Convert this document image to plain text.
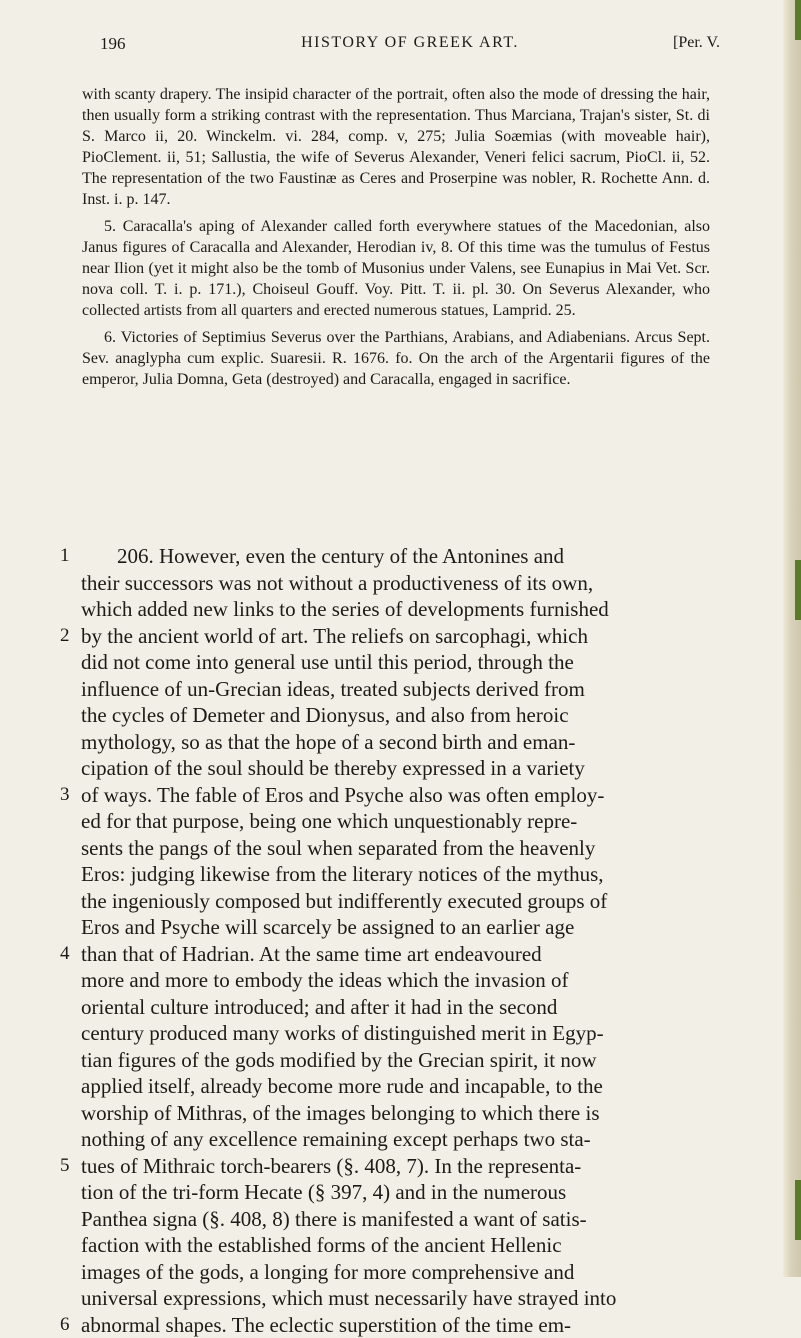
196	HISTORY OF GREEK ART.	[Per. V.

with scanty drapery. The insipid character of the portrait, often also the mode of dressing the hair, then usually form a striking contrast with the representation. Thus Marciana, Trajan's sister, St. di S. Marco ii, 20. Winckelm. vi. 284, comp. v, 275; Julia Soæmias (with moveable hair), PioClement. ii, 51; Sallustia, the wife of Severus Alexander, Veneri felici sacrum, PioCl. ii, 52. The representation of the two Faustinæ as Ceres and Proserpine was nobler, R. Rochette Ann. d. Inst. i. p. 147.

5. Caracalla's aping of Alexander called forth everywhere statues of the Macedonian, also Janus figures of Caracalla and Alexander, Herodian iv, 8. Of this time was the tumulus of Festus near Ilion (yet it might also be the tomb of Musonius under Valens, see Eunapius in Mai Vet. Scr. nova coll. T. i. p. 171.), Choiseul Gouff. Voy. Pitt. T. ii. pl. 30. On Severus Alexander, who collected artists from all quarters and erected numerous statues, Lamprid. 25.

6. Victories of Septimius Severus over the Parthians, Arabians, and Adiabenians. Arcus Sept. Sev. anaglypha cum explic. Suaresii. R. 1676. fo. On the arch of the Argentarii figures of the emperor, Julia Domna, Geta (destroyed) and Caracalla, engaged in sacrifice.

1	206. However, even the century of the Antonines and
their successors was not without a productiveness of its own,
which added new links to the series of developments furnished
2 by the ancient world of art. The reliefs on sarcophagi, which
did not come into general use until this period, through the
influence of un-Grecian ideas, treated subjects derived from
the cycles of Demeter and Dionysus, and also from heroic
mythology, so as that the hope of a second birth and eman-
cipation of the soul should be thereby expressed in a variety
3 of ways. The fable of Eros and Psyche also was often employ-
ed for that purpose, being one which unquestionably repre-
sents the pangs of the soul when separated from the heavenly
Eros: judging likewise from the literary notices of the mythus,
the ingeniously composed but indifferently executed groups of
Eros and Psyche will scarcely be assigned to an earlier age
4 than that of Hadrian. At the same time art endeavoured
more and more to embody the ideas which the invasion of
oriental culture introduced; and after it had in the second
century produced many works of distinguished merit in Egyp-
tian figures of the gods modified by the Grecian spirit, it now
applied itself, already become more rude and incapable, to the
worship of Mithras, of the images belonging to which there is
nothing of any excellence remaining except perhaps two sta-
5 tues of Mithraic torch-bearers (§. 408, 7). In the representa-
tion of the tri-form Hecate (§ 397, 4) and in the numerous
Panthea signa (§. 408, 8) there is manifested a want of satis-
faction with the established forms of the ancient Hellenic
images of the gods, a longing for more comprehensive and
universal expressions, which must necessarily have strayed into
6 abnormal shapes. The eclectic superstition of the time em-
